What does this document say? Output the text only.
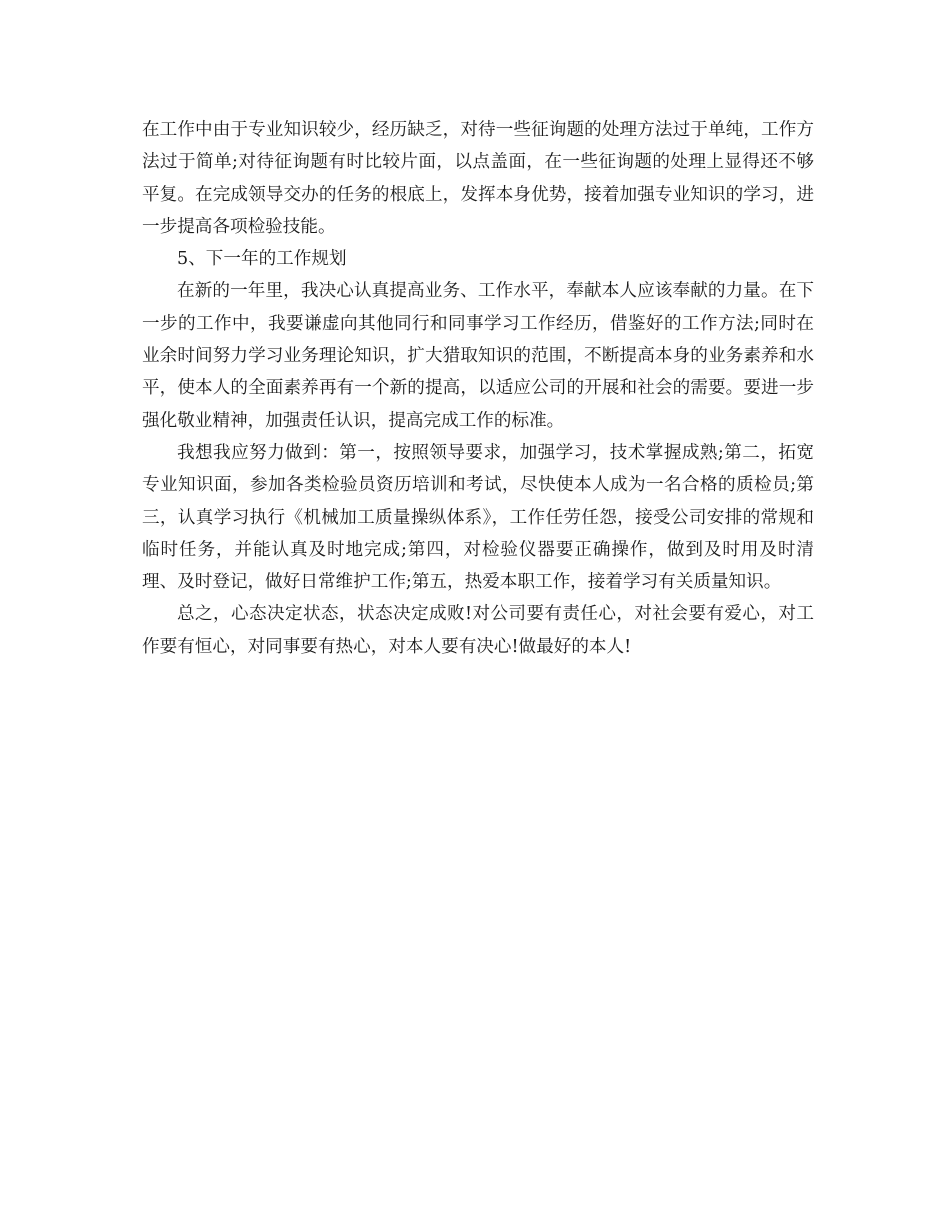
在工作中由于专业知识较少，经历缺乏，对待一些征询题的处理方法过于单纯，工作方法过于简单;对待征询题有时比较片面，以点盖面，在一些征询题的处理上显得还不够平复。在完成领导交办的任务的根底上，发挥本身优势，接着加强专业知识的学习，进一步提高各项检验技能。

5、下一年的工作规划

在新的一年里，我决心认真提高业务、工作水平，奉献本人应该奉献的力量。在下一步的工作中，我要谦虚向其他同行和同事学习工作经历，借鉴好的工作方法;同时在业余时间努力学习业务理论知识，扩大猎取知识的范围，不断提高本身的业务素养和水平，使本人的全面素养再有一个新的提高，以适应公司的开展和社会的需要。要进一步强化敬业精神，加强责任认识，提高完成工作的标准。

我想我应努力做到：第一，按照领导要求，加强学习，技术掌握成熟;第二，拓宽专业知识面，参加各类检验员资历培训和考试，尽快使本人成为一名合格的质检员;第三，认真学习执行《机械加工质量操纵体系》，工作任劳任怨，接受公司安排的常规和临时任务，并能认真及时地完成;第四，对检验仪器要正确操作，做到及时用及时清理、及时登记，做好日常维护工作;第五，热爱本职工作，接着学习有关质量知识。

总之，心态决定状态，状态决定成败!对公司要有责任心，对社会要有爱心，对工作要有恒心，对同事要有热心，对本人要有决心!做最好的本人!
